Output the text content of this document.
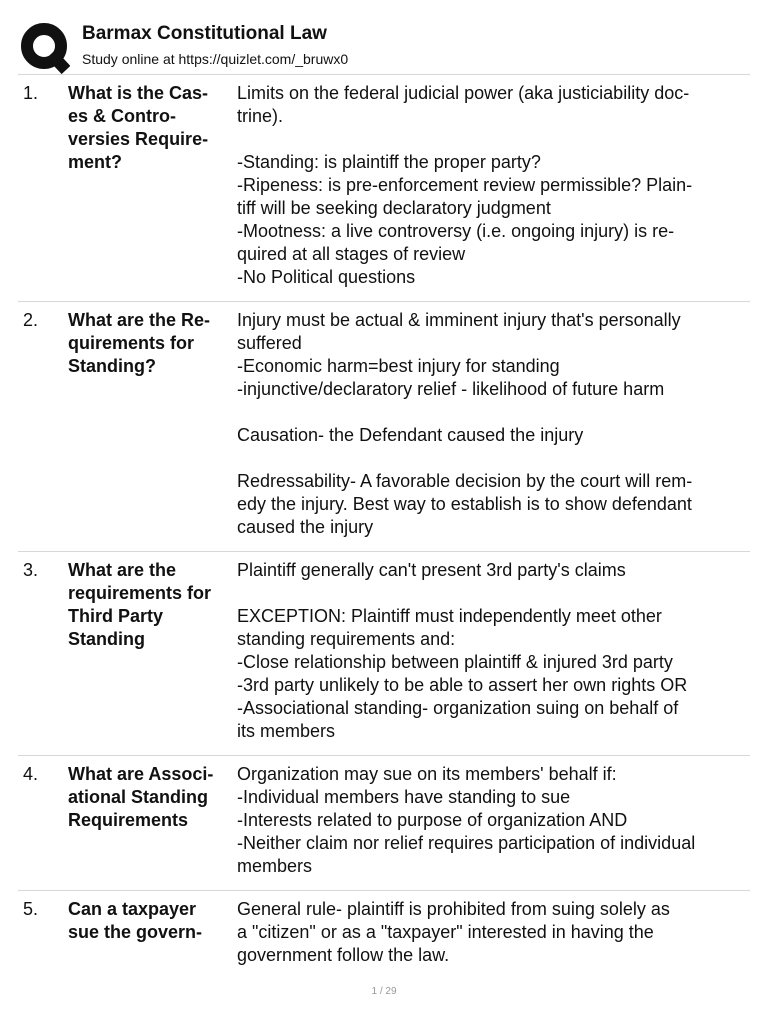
Barmax Constitutional Law
Study online at https://quizlet.com/_bruwx0
1. What is the Cas-
es & Contro-
versies Require-
ment?
Limits on the federal judicial power (aka justiciability doc-
trine).
-Standing: is plaintiff the proper party?
-Ripeness: is pre-enforcement review permissible? Plain-
tiff will be seeking declaratory judgment
-Mootness: a live controversy (i.e. ongoing injury) is re-
quired at all stages of review
-No Political questions
2. What are the Re-
quirements for
Standing?
Injury must be actual & imminent injury that's personally
suffered
-Economic harm=best injury for standing
-injunctive/declaratory relief - likelihood of future harm
Causation- the Defendant caused the injury
Redressability- A favorable decision by the court will rem-
edy the injury. Best way to establish is to show defendant
caused the injury
3. What are the
requirements for
Third Party
Standing
Plaintiff generally can't present 3rd party's claims
EXCEPTION: Plaintiff must independently meet other
standing requirements and:
-Close relationship between plaintiff & injured 3rd party
-3rd party unlikely to be able to assert her own rights OR
-Associational standing- organization suing on behalf of
its members
4. What are Associ-
ational Standing
Requirements
Organization may sue on its members' behalf if:
-Individual members have standing to sue
-Interests related to purpose of organization AND
-Neither claim nor relief requires participation of individual
members
5. Can a taxpayer
sue the govern-
General rule- plaintiff is prohibited from suing solely as
a "citizen" or as a "taxpayer" interested in having the
government follow the law.
1 / 29
